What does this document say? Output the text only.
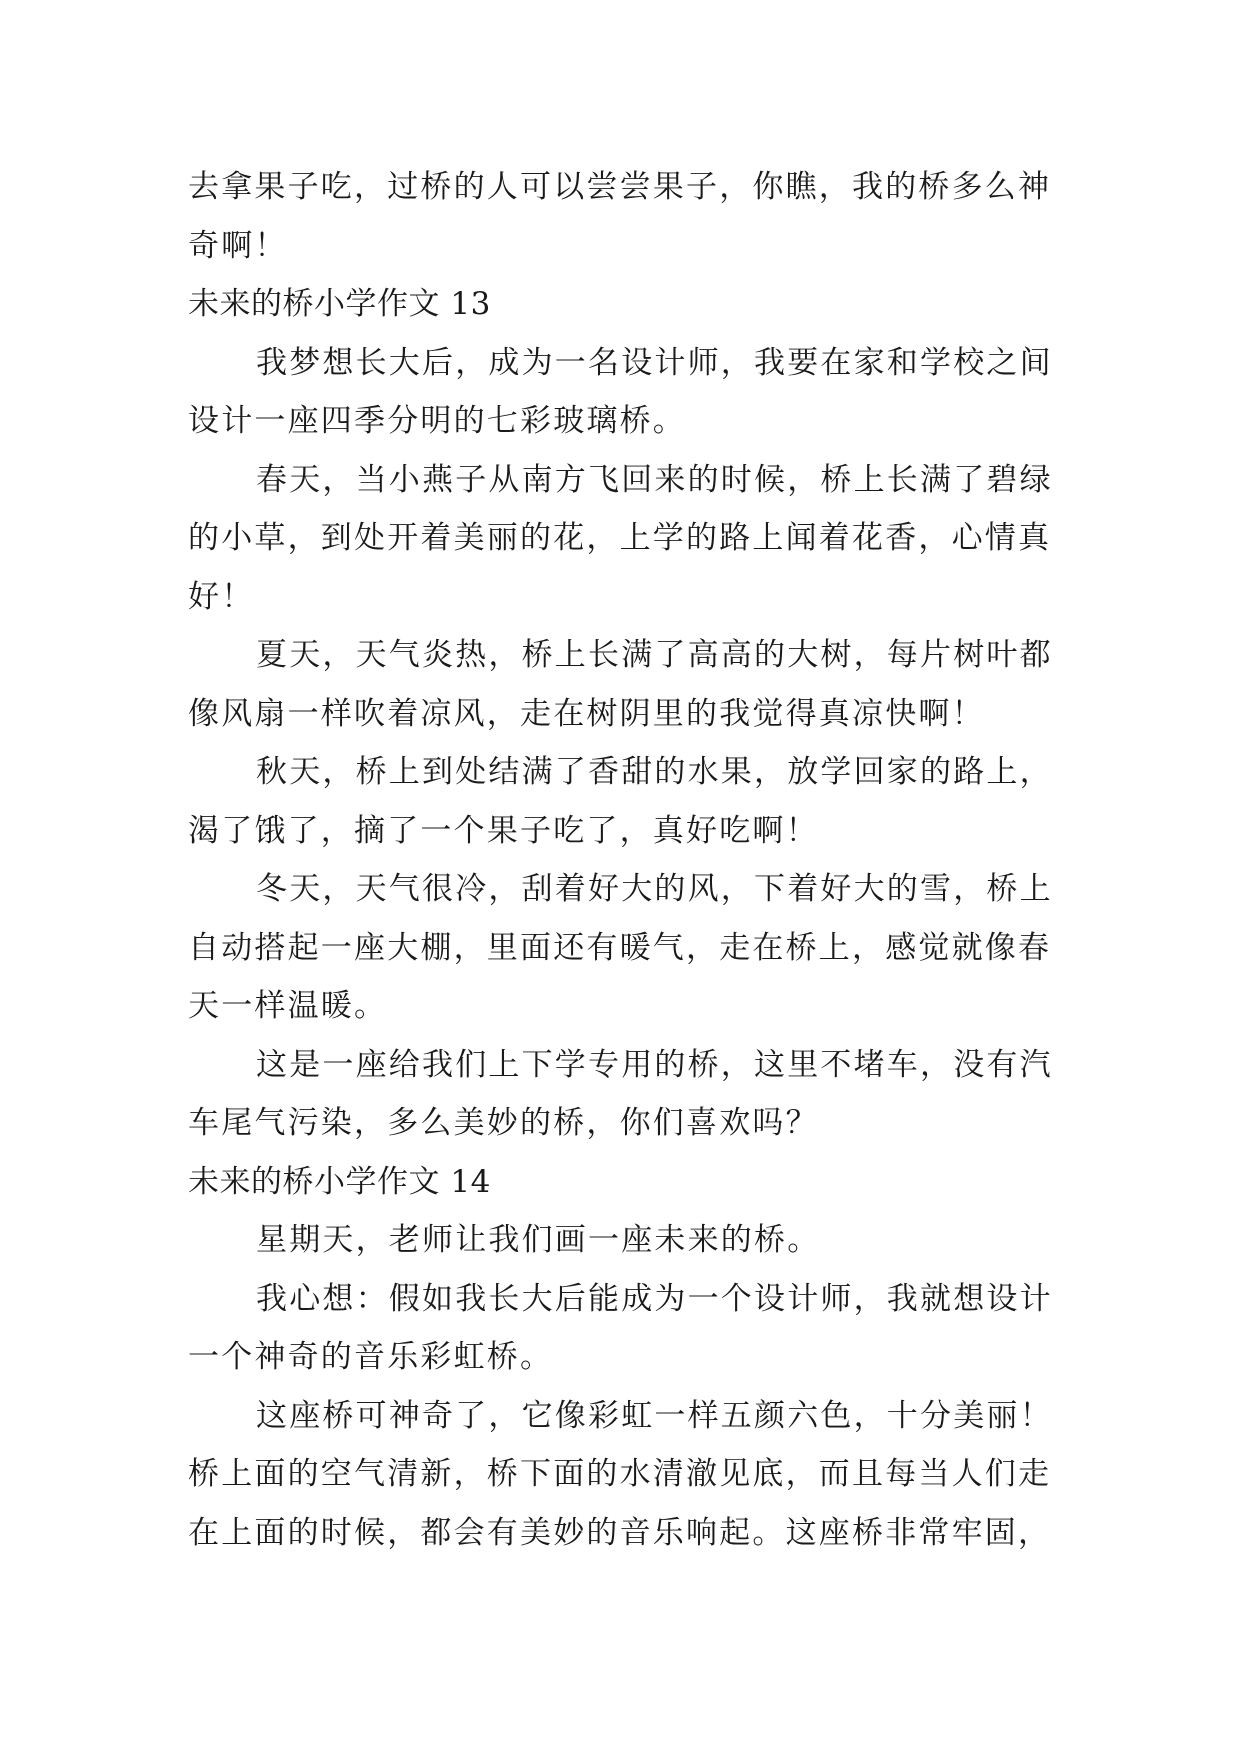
去拿果子吃，过桥的人可以尝尝果子，你瞧，我的桥多么神
奇啊！
未来的桥小学作文 13
我梦想长大后，成为一名设计师，我要在家和学校之间
设计一座四季分明的七彩玻璃桥。
春天，当小燕子从南方飞回来的时候，桥上长满了碧绿
的小草，到处开着美丽的花，上学的路上闻着花香，心情真
好！
夏天，天气炎热，桥上长满了高高的大树，每片树叶都
像风扇一样吹着凉风，走在树阴里的我觉得真凉快啊！
秋天，桥上到处结满了香甜的水果，放学回家的路上，
渴了饿了，摘了一个果子吃了，真好吃啊！
冬天，天气很冷，刮着好大的风，下着好大的雪，桥上
自动搭起一座大棚，里面还有暖气，走在桥上，感觉就像春
天一样温暖。
这是一座给我们上下学专用的桥，这里不堵车，没有汽
车尾气污染，多么美妙的桥，你们喜欢吗？
未来的桥小学作文 14
星期天，老师让我们画一座未来的桥。
我心想：假如我长大后能成为一个设计师，我就想设计
一个神奇的音乐彩虹桥。
这座桥可神奇了，它像彩虹一样五颜六色，十分美丽！
桥上面的空气清新，桥下面的水清澈见底，而且每当人们走
在上面的时候，都会有美妙的音乐响起。这座桥非常牢固，
